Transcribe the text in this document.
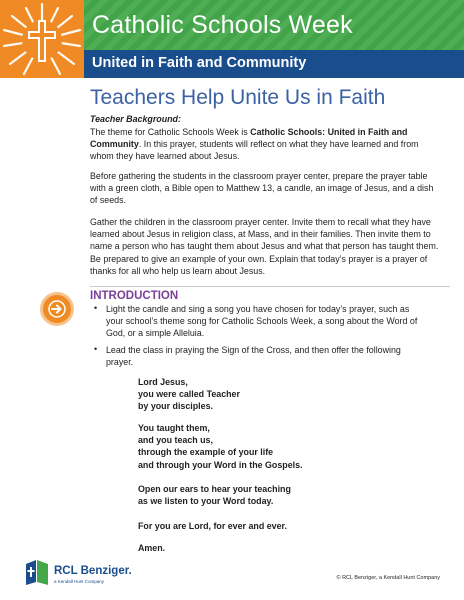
Catholic Schools Week
United in Faith and Community
Teachers Help Unite Us in Faith
Teacher Background:
The theme for Catholic Schools Week is Catholic Schools: United in Faith and Community. In this prayer, students will reflect on what they have learned and from whom they have learned about Jesus.
Before gathering the students in the classroom prayer center, prepare the prayer table with a green cloth, a Bible open to Matthew 13, a candle, an image of Jesus, and a dish of seeds.
Gather the children in the classroom prayer center. Invite them to recall what they have learned about Jesus in religion class, at Mass, and in their families. Then invite them to name a person who has taught them about Jesus and what that person has taught them. Be prepared to give an example of your own. Explain that today’s prayer is a prayer of thanks for all who help us learn about Jesus.
INTRODUCTION
• Light the candle and sing a song you have chosen for today’s prayer, such as your school’s theme song for Catholic Schools Week, a song about the Word of God, or a simple Alleluia.
• Lead the class in praying the Sign of the Cross, and then offer the following prayer.
Lord Jesus,
you were called Teacher
by your disciples.
You taught them,
and you teach us,
through the example of your life
and through your Word in the Gospels.
Open our ears to hear your teaching
as we listen to your Word today.
For you are Lord, for ever and ever.
Amen.
RCL Benziger.
a Kendall Hunt Company
© RCL Benziger, a Kendall Hunt Company
